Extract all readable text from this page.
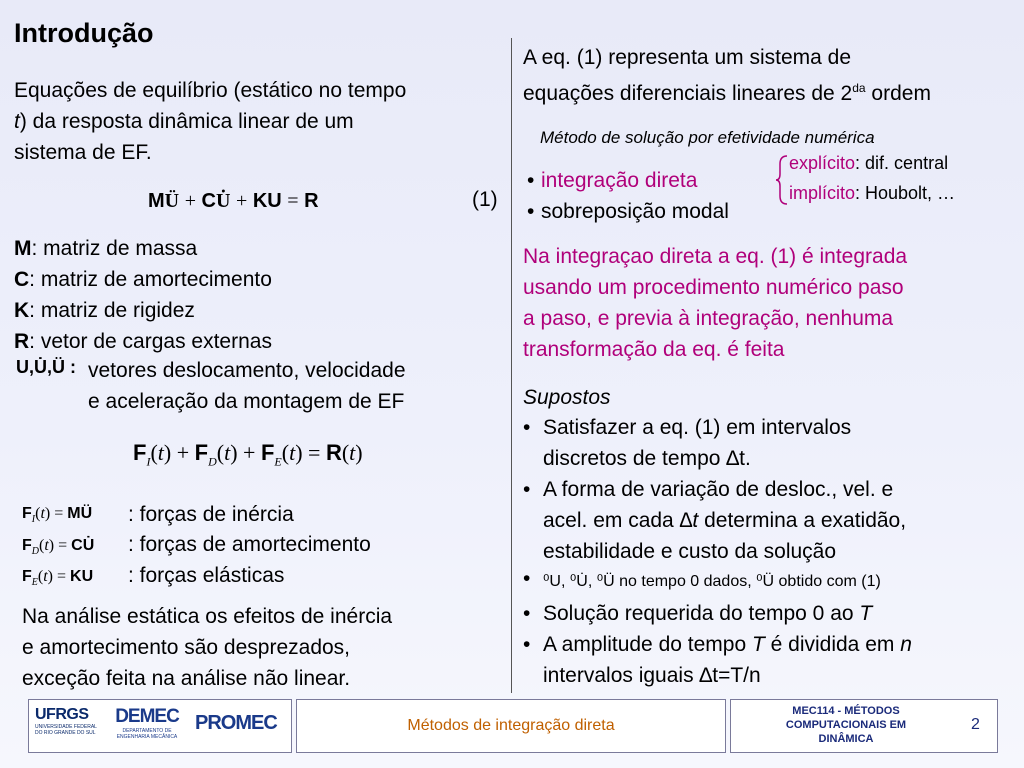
Introdução
Equações de equilíbrio (estático no tempo
t) da resposta dinâmica linear de um
sistema de EF.
MÜ + CU̇ + KU = R	(1)
M: matriz de massa
C: matriz de amortecimento
K: matriz de rigidez
R: vetor de cargas externas
U,U̇,Ü : vetores deslocamento, velocidade
e aceleração da montagem de EF
$F_I(t) + F_D(t) + F_E(t) = R(t)$
$F_I(t)$ = MÜ : forças de inércia
$F_D(t)$ = CU̇ : forças de amortecimento
$F_E(t)$ = KU : forças elásticas
Na análise estática os efeitos de inércia
e amortecimento são desprezados,
exceção feita na análise não linear.
A eq. (1) representa um sistema de
equações diferenciais lineares de $2^{da}$ ordem
Método de solução por efetividade numérica
• integração direta
• sobreposição modal
explícito: dif. central
implícito: Houbolt, …
Na integraçao direta a eq. (1) é integrada
usando um procedimento numérico paso
a paso, e previa à integração, nenhuma
transformação da eq. é feita
Supostos
• Satisfazer a eq. (1) em intervalos
discretos de tempo ∆t.
• A forma de variação de desloc., vel. e
acel. em cada ∆t determina a exatidão,
estabilidade e custo da solução
• ⁰U, ⁰U̇, ⁰Ü no tempo 0 dados, ⁰Ü obtido com (1)
• Solução requerida do tempo 0 ao T
• A amplitude do tempo T é dividida em n
intervalos iguais ∆t=T/n
UFRGS
UNIVERSIDADE FEDERAL DO RIO GRANDE DO SUL
DEMEC
DEPARTAMENTO DE ENGENHARIA MECÂNICA
PROMEC	Métodos de integração direta
MEC114 - MÉTODOS
COMPUTACIONAIS EM
DINÂMICA
2
